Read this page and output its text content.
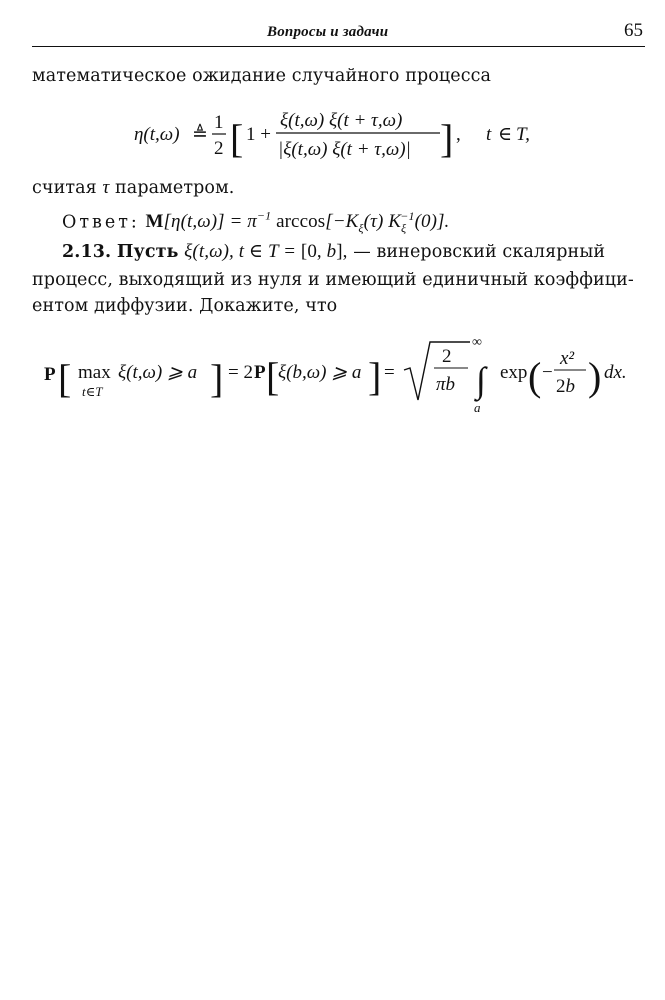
Вопросы и задачи	65
математическое ожидание случайного процесса
η(t,ω) ≜
1
2 [ 1 +
ξ(t,ω) ξ(t + τ,ω)
|ξ(t,ω) ξ(t + τ,ω)| ] , t ∈ T,
считая τ параметром.
Ответ: $M[\eta(t,\omega)] = \pi^{-1}$ $\arccos[-K_\xi(\tau)$ $K_\xi^{-1}(0)$].
2.13. Пусть ξ(t,ω), t ∈ T = [0, b], — винеровский скалярный
процесс, выходящий из нуля и имеющий единичный коэффици-
ентом диффузии. Докажите, что
P [ max
t∈T
ξ(t,ω) ⩾ a ] = 2 P [
ξ(b,ω) ⩾ a ] =
2
πb ∫
∞
a
exp ( −
x²
2b ) dx.
